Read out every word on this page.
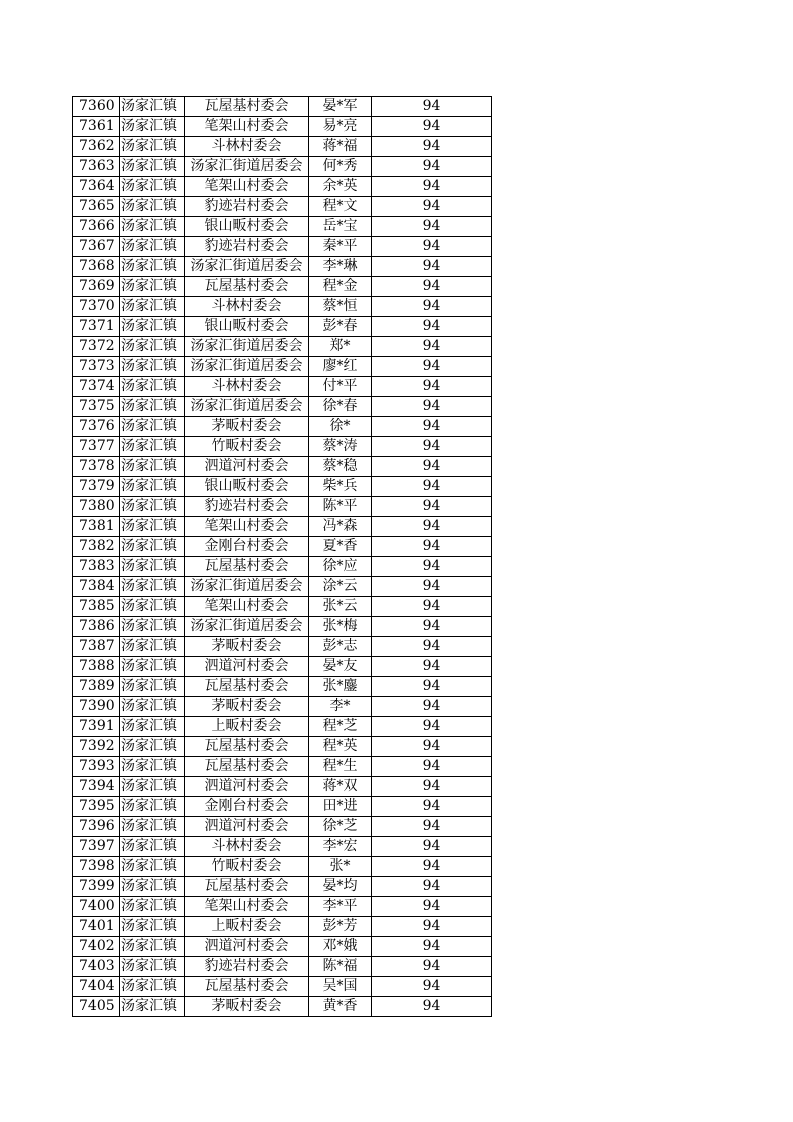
7360	汤家汇镇	瓦屋基村委会	晏*军	94
7361	汤家汇镇	笔架山村委会	易*亮	94
7362	汤家汇镇	斗林村委会	蒋*福	94
7363	汤家汇镇	汤家汇街道居委会	何*秀	94
7364	汤家汇镇	笔架山村委会	余*英	94
7365	汤家汇镇	豹迹岩村委会	程*文	94
7366	汤家汇镇	银山畈村委会	岳*宝	94
7367	汤家汇镇	豹迹岩村委会	秦*平	94
7368	汤家汇镇	汤家汇街道居委会	李*琳	94
7369	汤家汇镇	瓦屋基村委会	程*金	94
7370	汤家汇镇	斗林村委会	蔡*恒	94
7371	汤家汇镇	银山畈村委会	彭*春	94
7372	汤家汇镇	汤家汇街道居委会	郑*	94
7373	汤家汇镇	汤家汇街道居委会	廖*红	94
7374	汤家汇镇	斗林村委会	付*平	94
7375	汤家汇镇	汤家汇街道居委会	徐*春	94
7376	汤家汇镇	茅畈村委会	徐*	94
7377	汤家汇镇	竹畈村委会	蔡*涛	94
7378	汤家汇镇	泗道河村委会	蔡*稳	94
7379	汤家汇镇	银山畈村委会	柴*兵	94
7380	汤家汇镇	豹迹岩村委会	陈*平	94
7381	汤家汇镇	笔架山村委会	冯*森	94
7382	汤家汇镇	金刚台村委会	夏*香	94
7383	汤家汇镇	瓦屋基村委会	徐*应	94
7384	汤家汇镇	汤家汇街道居委会	涂*云	94
7385	汤家汇镇	笔架山村委会	张*云	94
7386	汤家汇镇	汤家汇街道居委会	张*梅	94
7387	汤家汇镇	茅畈村委会	彭*志	94
7388	汤家汇镇	泗道河村委会	晏*友	94
7389	汤家汇镇	瓦屋基村委会	张*鏖	94
7390	汤家汇镇	茅畈村委会	李*	94
7391	汤家汇镇	上畈村委会	程*芝	94
7392	汤家汇镇	瓦屋基村委会	程*英	94
7393	汤家汇镇	瓦屋基村委会	程*生	94
7394	汤家汇镇	泗道河村委会	蒋*双	94
7395	汤家汇镇	金刚台村委会	田*进	94
7396	汤家汇镇	泗道河村委会	徐*芝	94
7397	汤家汇镇	斗林村委会	李*宏	94
7398	汤家汇镇	竹畈村委会	张*	94
7399	汤家汇镇	瓦屋基村委会	晏*均	94
7400	汤家汇镇	笔架山村委会	李*平	94
7401	汤家汇镇	上畈村委会	彭*芳	94
7402	汤家汇镇	泗道河村委会	邓*娥	94
7403	汤家汇镇	豹迹岩村委会	陈*福	94
7404	汤家汇镇	瓦屋基村委会	吴*国	94
7405	汤家汇镇	茅畈村委会	黄*香	94
